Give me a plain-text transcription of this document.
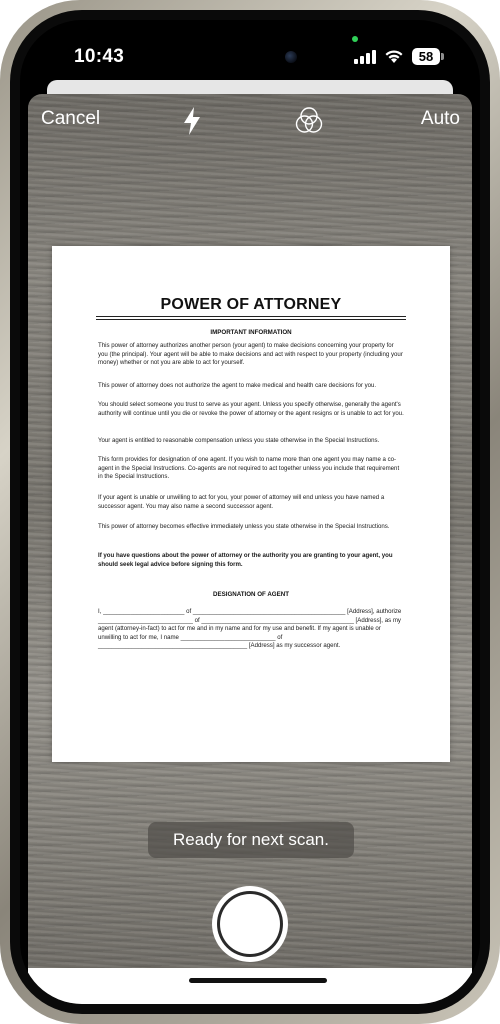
10:43	58
Cancel	Auto
POWER OF ATTORNEY
IMPORTANT INFORMATION
This power of attorney authorizes another person (your agent) to make decisions concerning your property for you (the principal). Your agent will be able to make decisions and act with respect to your property (including your money) whether or not you are able to act for yourself.
This power of attorney does not authorize the agent to make medical and health care decisions for you.
You should select someone you trust to serve as your agent. Unless you specify otherwise, generally the agent's authority will continue until you die or revoke the power of attorney or the agent resigns or is unable to act for you.
Your agent is entitled to reasonable compensation unless you state otherwise in the Special Instructions.
This form provides for designation of one agent. If you wish to name more than one agent you may name a co-agent in the Special Instructions. Co-agents are not required to act together unless you include that requirement in the Special Instructions.
If your agent is unable or unwilling to act for you, your power of attorney will end unless you have named a successor agent. You may also name a second successor agent.
This power of attorney becomes effective immediately unless you state otherwise in the Special Instructions.
If you have questions about the power of attorney or the authority you are granting to your agent, you should seek legal advice before signing this form.
DESIGNATION OF AGENT
I, ________________________ of _____________________________________________ [Address], authorize ____________________________ of _____________________________________________ [Address], as my agent (attorney-in-fact) to act for me and in my name and for my use and benefit. If my agent is unable or unwilling to act for me, I name ____________________________ of ____________________________________________ [Address] as my successor agent.
Ready for next scan.
